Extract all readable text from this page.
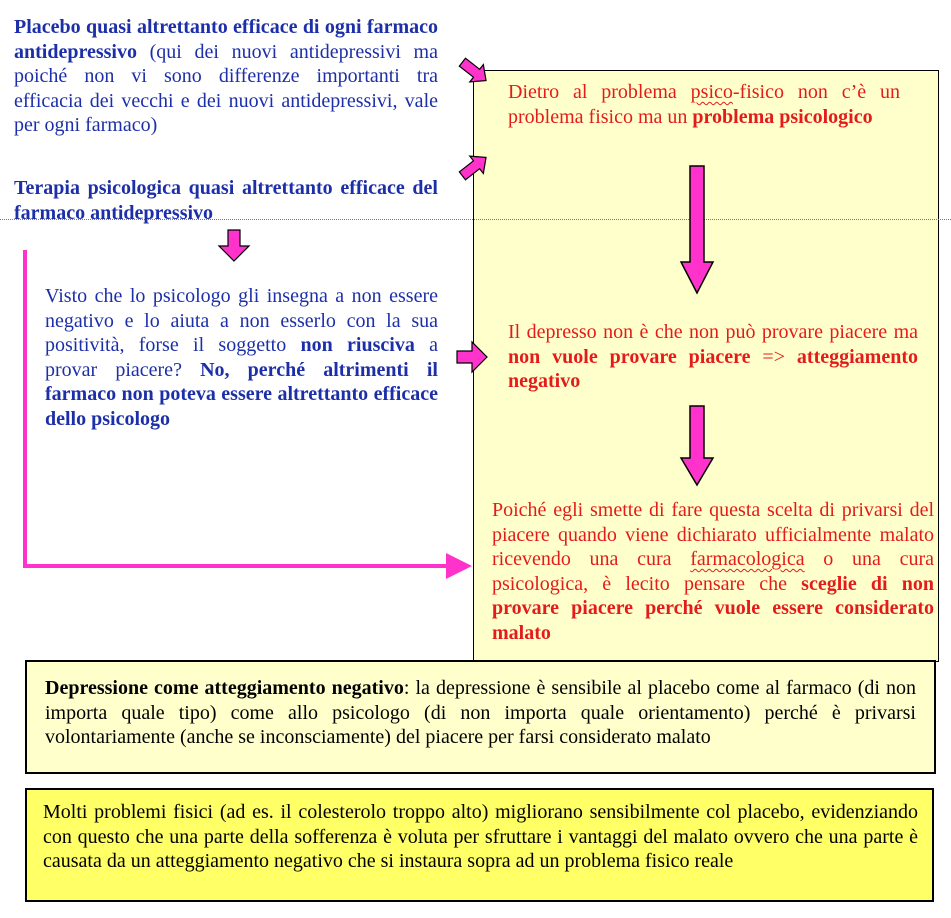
Placebo quasi altrettanto efficace di ogni farmaco antidepressivo (qui dei nuovi antidepressivi ma poiché non vi sono differenze importanti tra efficacia dei vecchi e dei nuovi antidepressivi, vale per ogni farmaco)
Terapia psicologica quasi altrettanto efficace del farmaco antidepressivo
Visto che lo psicologo gli insegna a non essere negativo e lo aiuta a non esserlo con la sua positività, forse il soggetto non riusciva a provar piacere? No, perché altrimenti il farmaco non poteva essere altrettanto efficace dello psicologo
Dietro al problema psico-fisico non c’è un problema fisico ma un problema psicologico
Il depresso non è che non può provare piacere ma non vuole provare piacere => atteggiamento negativo
Poiché egli smette di fare questa scelta di privarsi del piacere quando viene dichiarato ufficialmente malato ricevendo una cura farmacologica o una cura psicologica, è lecito pensare che sceglie di non provare piacere perché vuole essere considerato malato
Depressione come atteggiamento negativo: la depressione è sensibile al placebo come al farmaco (di non importa quale tipo) come allo psicologo (di non importa quale orientamento) perché è privarsi volontariamente (anche se inconsciamente) del piacere per farsi considerato malato
Molti problemi fisici (ad es. il colesterolo troppo alto) migliorano sensibilmente col placebo, evidenziando con questo che una parte della sofferenza è voluta per sfruttare i vantaggi del malato ovvero che una parte è causata da un atteggiamento negativo che si instaura sopra ad un problema fisico reale
